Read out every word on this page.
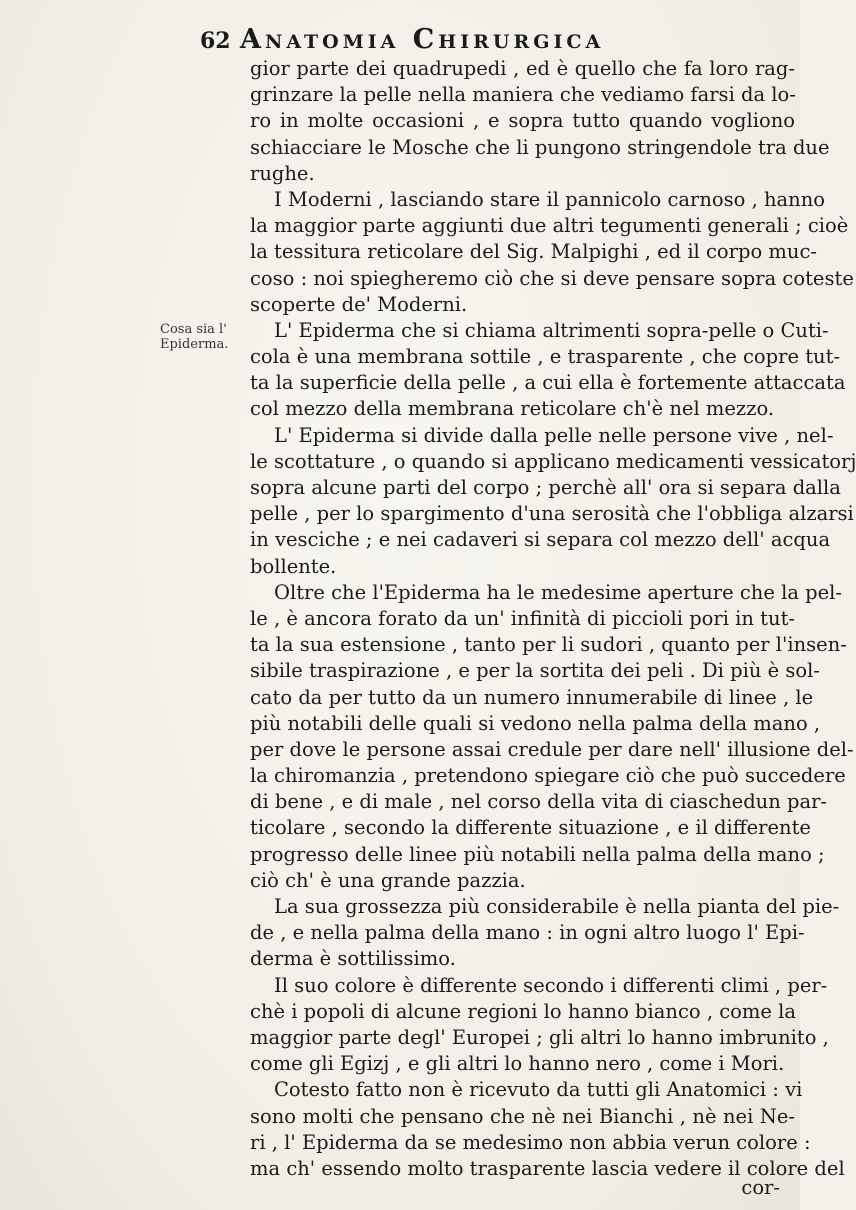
62 Anatomia Chirurgica
Cosa sia l'
Epiderma.
gior parte dei quadrupedi , ed è quello che fa loro rag-
grinzare la pelle nella maniera che vediamo farsi da lo-
ro in molte occasioni , e sopra tutto quando vogliono
schiacciare le Mosche che li pungono stringendole tra due
rughe.
I Moderni , lasciando stare il pannicolo carnoso , hanno
la maggior parte aggiunti due altri tegumenti generali ; cioè
la tessitura reticolare del Sig. Malpighi , ed il corpo muc-
coso : noi spiegheremo ciò che si deve pensare sopra coteste
scoperte de' Moderni.
L' Epiderma che si chiama altrimenti sopra-pelle o Cuti-
cola è una membrana sottile , e trasparente , che copre tut-
ta la superficie della pelle , a cui ella è fortemente attaccata
col mezzo della membrana reticolare ch'è nel mezzo.
L' Epiderma si divide dalla pelle nelle persone vive , nel-
le scottature , o quando si applicano medicamenti vessicatorj
sopra alcune parti del corpo ; perchè all' ora si separa dalla
pelle , per lo spargimento d'una serosità che l'obbliga alzarsi
in vesciche ; e nei cadaveri si separa col mezzo dell' acqua
bollente.
Oltre che l'Epiderma ha le medesime aperture che la pel-
le , è ancora forato da un' infinità di piccioli pori in tut-
ta la sua estensione , tanto per li sudori , quanto per l'insen-
sibile traspirazione , e per la sortita dei peli . Di più è sol-
cato da per tutto da un numero innumerabile di linee , le
più notabili delle quali si vedono nella palma della mano ,
per dove le persone assai credule per dare nell' illusione del-
la chiromanzia , pretendono spiegare ciò che può succedere
di bene , e di male , nel corso della vita di ciaschedun par-
ticolare , secondo la differente situazione , e il differente
progresso delle linee più notabili nella palma della mano ;
ciò ch' è una grande pazzia.
La sua grossezza più considerabile è nella pianta del pie-
de , e nella palma della mano : in ogni altro luogo l' Epi-
derma è sottilissimo.
Il suo colore è differente secondo i differenti climi , per-
chè i popoli di alcune regioni lo hanno bianco , come la
maggior parte degl' Europei ; gli altri lo hanno imbrunito ,
come gli Egizj , e gli altri lo hanno nero , come i Mori.
Cotesto fatto non è ricevuto da tutti gli Anatomici : vi
sono molti che pensano che nè nei Bianchi , nè nei Ne-
ri , l' Epiderma da se medesimo non abbia verun colore :
ma ch' essendo molto trasparente lascia vedere il colore del
cor-
